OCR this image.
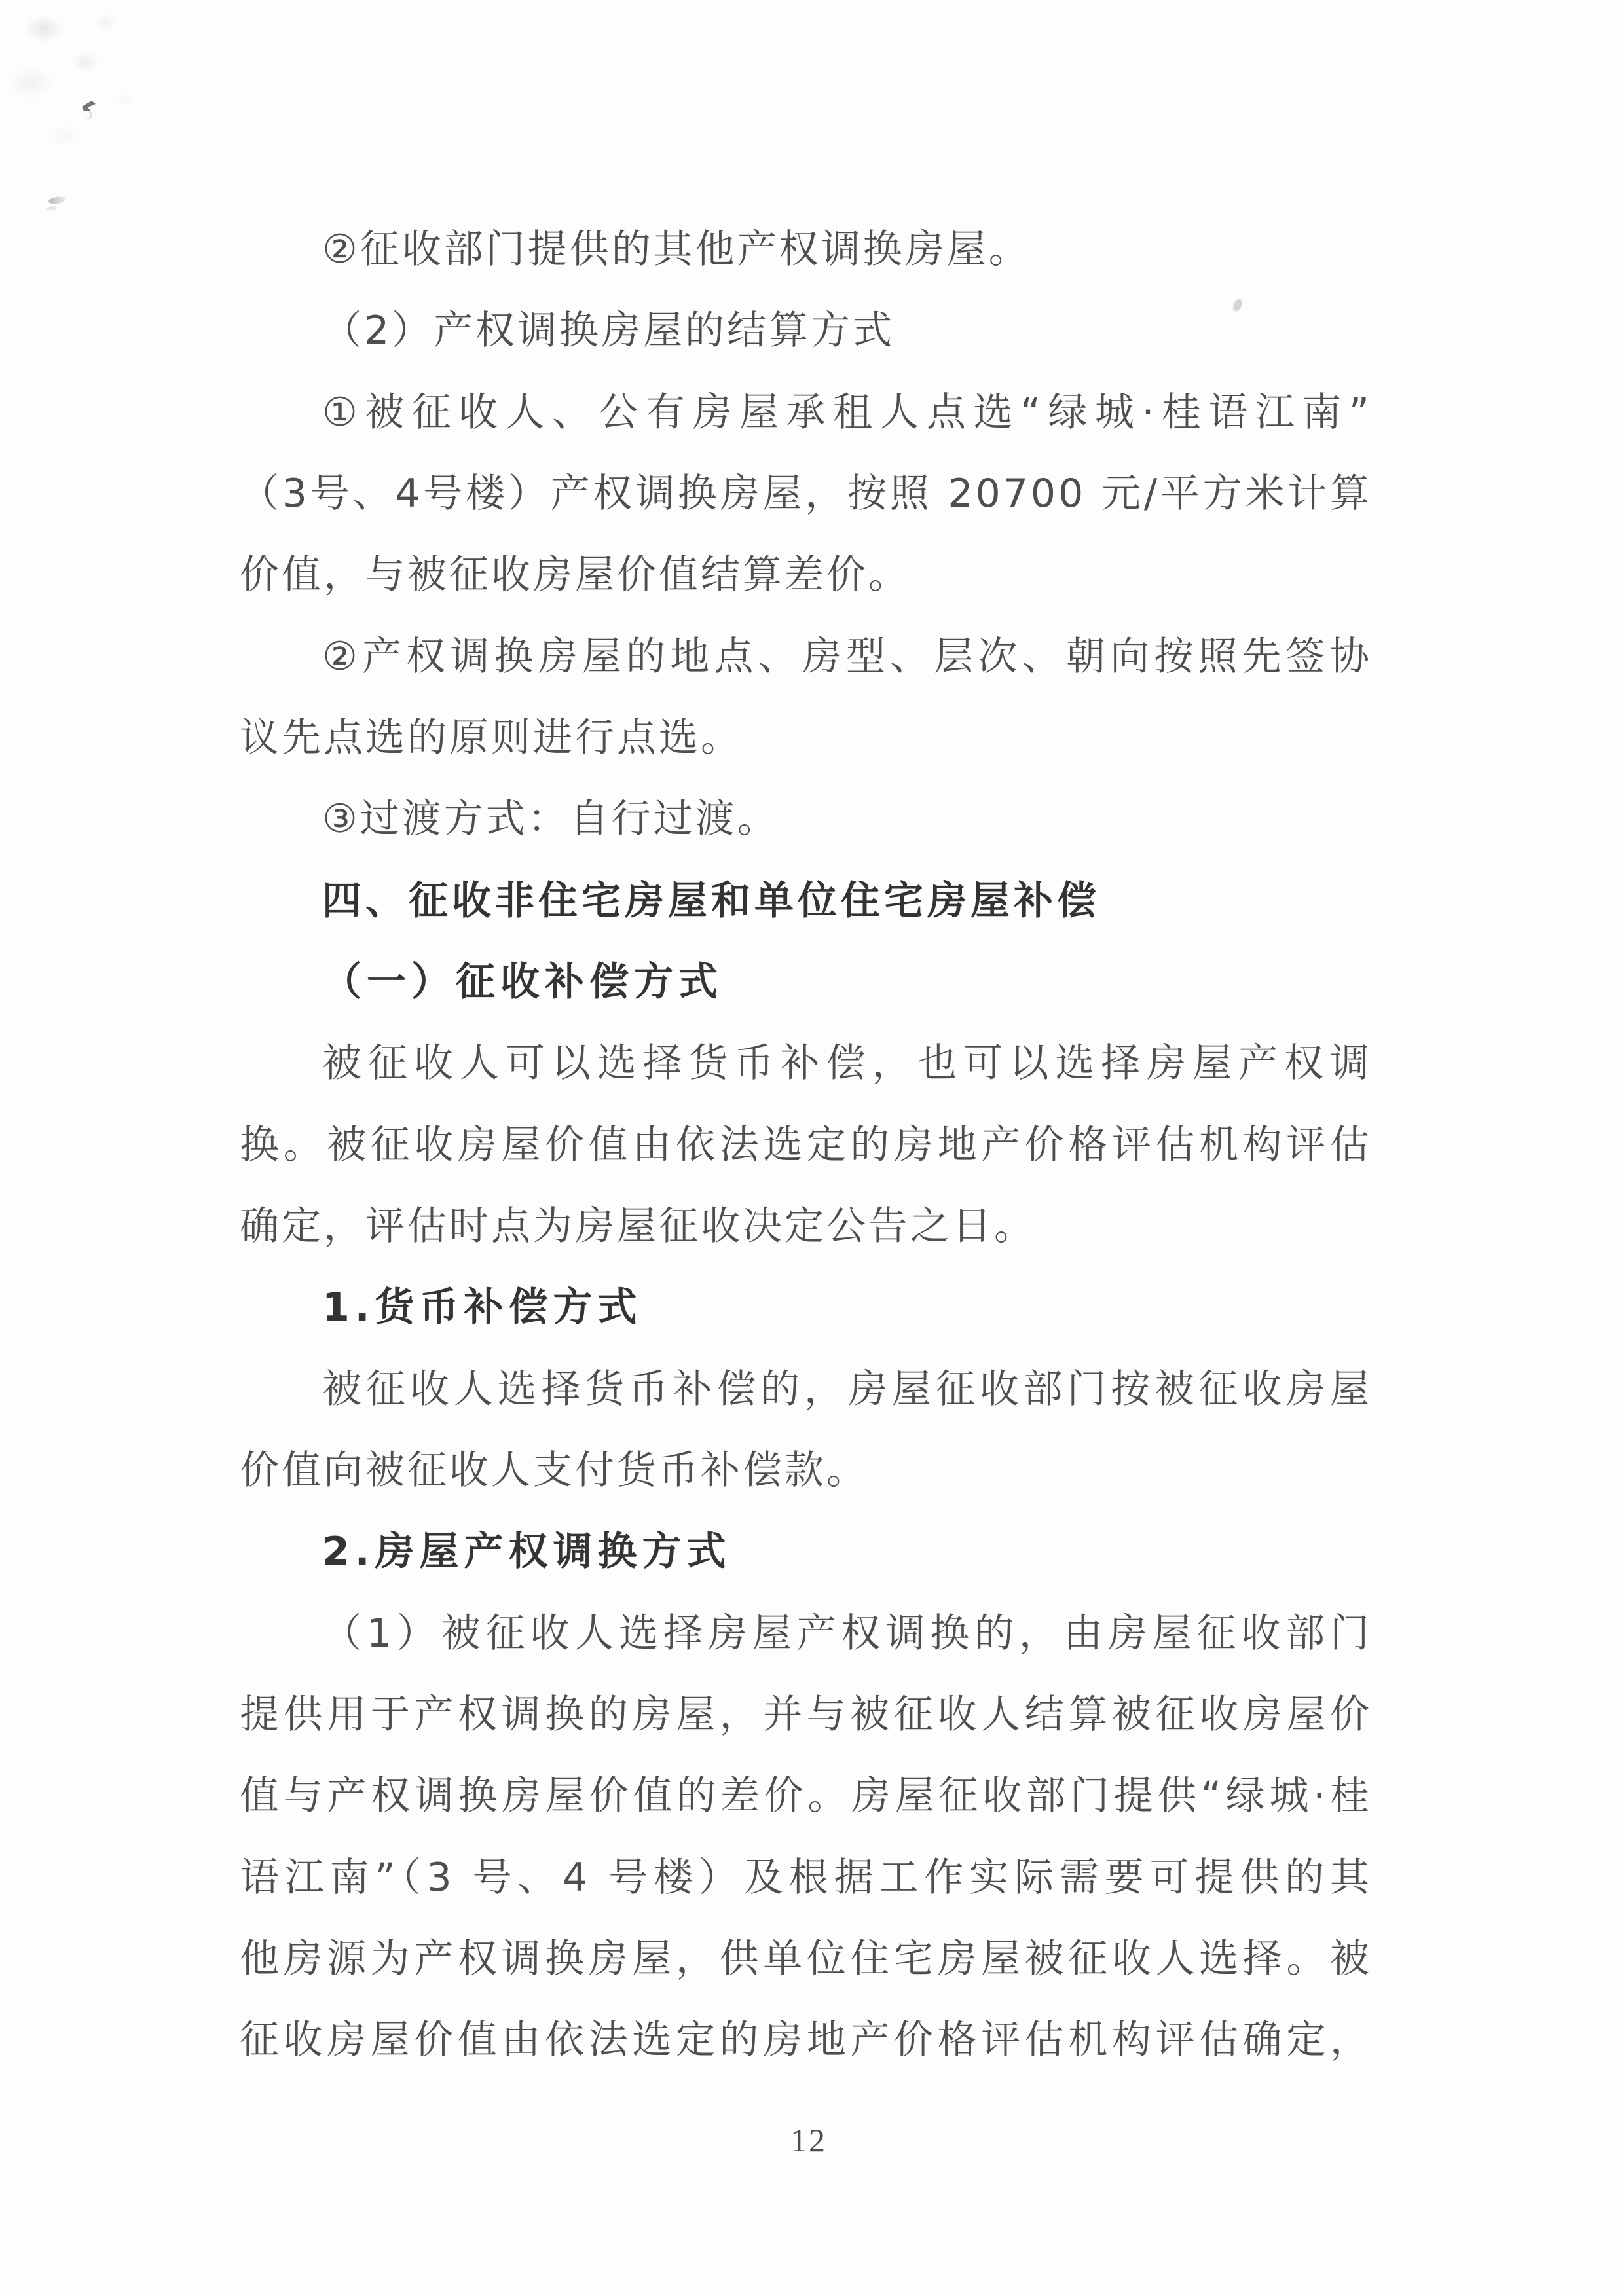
②征收部门提供的其他产权调换房屋。
（2）产权调换房屋的结算方式
①被征收人、公有房屋承租人点选“绿城·桂语江南”
（3号、4号楼）产权调换房屋，按照 20700 元/平方米计算
价值，与被征收房屋价值结算差价。
②产权调换房屋的地点、房型、层次、朝向按照先签协
议先点选的原则进行点选。
③过渡方式：自行过渡。
四、征收非住宅房屋和单位住宅房屋补偿
（一）征收补偿方式
被征收人可以选择货币补偿，也可以选择房屋产权调
换。被征收房屋价值由依法选定的房地产价格评估机构评估
确定，评估时点为房屋征收决定公告之日。
1.货币补偿方式
被征收人选择货币补偿的，房屋征收部门按被征收房屋
价值向被征收人支付货币补偿款。
2.房屋产权调换方式
（1）被征收人选择房屋产权调换的，由房屋征收部门
提供用于产权调换的房屋，并与被征收人结算被征收房屋价
值与产权调换房屋价值的差价。房屋征收部门提供“绿城·桂
语江南”（3 号、4 号楼）及根据工作实际需要可提供的其
他房源为产权调换房屋，供单位住宅房屋被征收人选择。被
征收房屋价值由依法选定的房地产价格评估机构评估确定，
12
